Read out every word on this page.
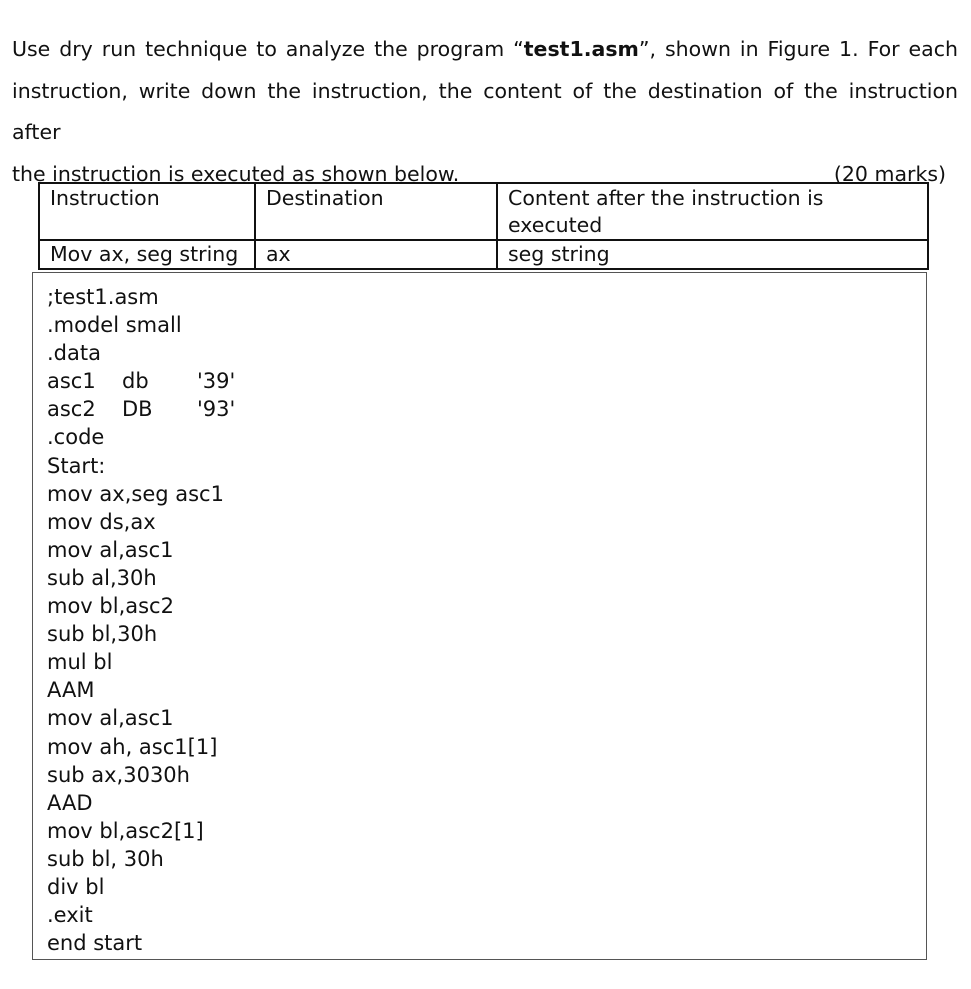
Use dry run technique to analyze the program “test1.asm”, shown in Figure 1. For each
instruction, write down the instruction, the content of the destination of the instruction after
the instruction is executed as shown below.	(20 marks)
Instruction	Destination	Content after the instruction is executed
Mov ax, seg string	ax	seg string
;test1.asm
.model small
.data
asc1 db '39'
asc2 DB '93'
.code
Start:
mov ax,seg asc1
mov ds,ax
mov al,asc1
sub al,30h
mov bl,asc2
sub bl,30h
mul bl
AAM
mov al,asc1
mov ah, asc1[1]
sub ax,3030h
AAD
mov bl,asc2[1]
sub bl, 30h
div bl
.exit
end start
